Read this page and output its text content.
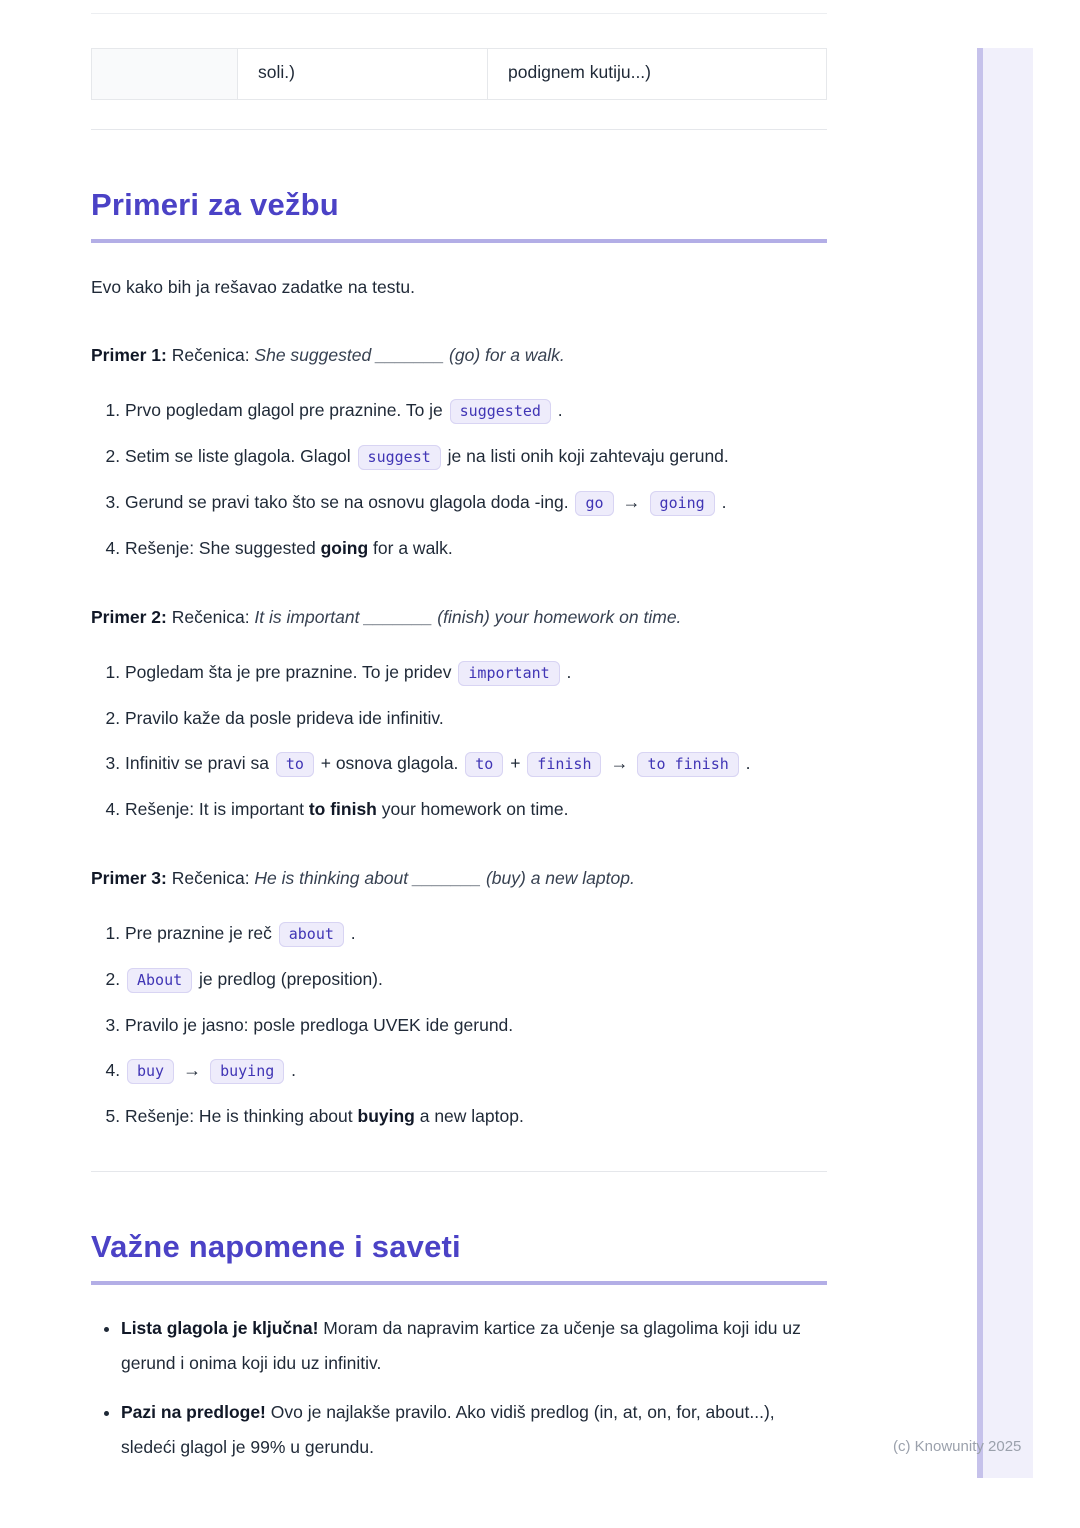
soli.)	podignem kutiju...)
Primeri za vežbu

Evo kako bih ja rešavao zadatke na testu.

Primer 1: Rečenica: She suggested _______ (go) for a walk.

1. Prvo pogledam glagol pre praznine. To je suggested .
2. Setim se liste glagola. Glagol suggest je na listi onih koji zahtevaju gerund.
3. Gerund se pravi tako što se na osnovu glagola doda -ing. go → going .
4. Rešenje: She suggested going for a walk.

Primer 2: Rečenica: It is important _______ (finish) your homework on time.

1. Pogledam šta je pre praznine. To je pridev important .
2. Pravilo kaže da posle prideva ide infinitiv.
3. Infinitiv se pravi sa to + osnova glagola. to + finish → to finish .
4. Rešenje: It is important to finish your homework on time.

Primer 3: Rečenica: He is thinking about _______ (buy) a new laptop.

1. Pre praznine je reč about .
2. About je predlog (preposition).
3. Pravilo je jasno: posle predloga UVEK ide gerund.
4. buy → buying .
5. Rešenje: He is thinking about buying a new laptop.
Važne napomene i saveti
• Lista glagola je ključna! Moram da napravim kartice za učenje sa glagolima koji idu uz gerund i onima koji idu uz infinitiv.
• Pazi na predloge! Ovo je najlakše pravilo. Ako vidiš predlog (in, at, on, for, about...), sledeći glagol je 99% u gerundu.	(c) Knowunity 2025
